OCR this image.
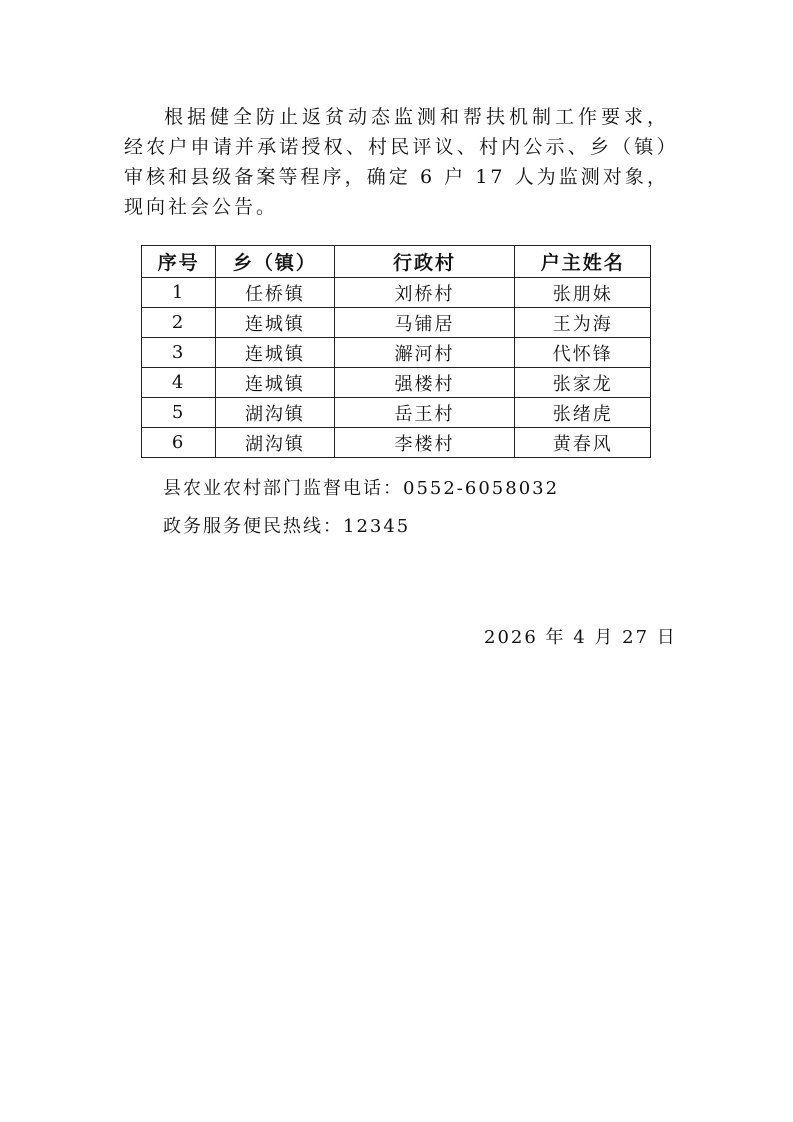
根据健全防止返贫动态监测和帮扶机制工作要求，经农户申请并承诺授权、村民评议、村内公示、乡（镇）审核和县级备案等程序，确定 6 户 17 人为监测对象，现向社会公告。

序号	乡（镇）	行政村	户主姓名
1	任桥镇	刘桥村	张朋妹
2	连城镇	马铺居	王为海
3	连城镇	澥河村	代怀锋
4	连城镇	强楼村	张家龙
5	湖沟镇	岳王村	张绪虎
6	湖沟镇	李楼村	黄春风

县农业农村部门监督电话：0552-6058032

政务服务便民热线：12345

2026 年 4 月 27 日
